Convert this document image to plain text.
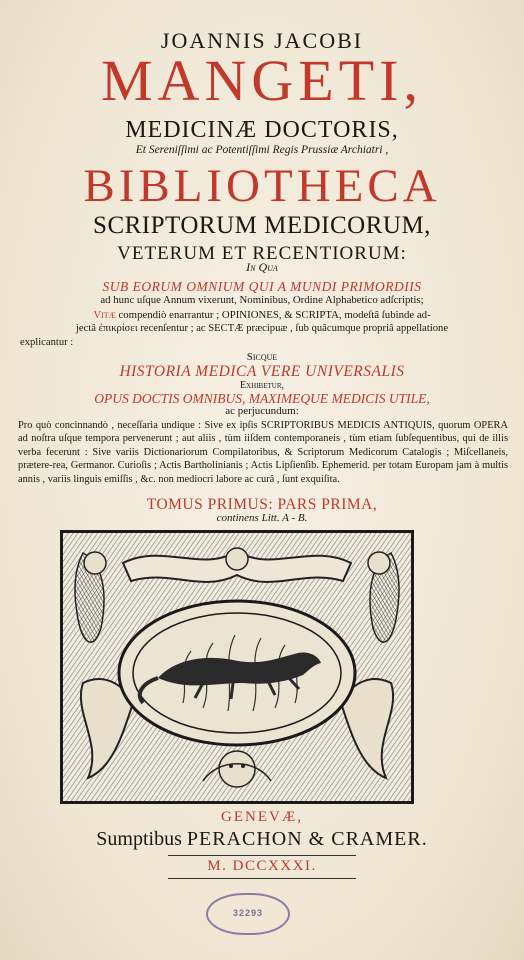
JOANNIS JACOBI
MANGETI,
MEDICINÆ DOCTORIS,
Et Sereniſſimi ac Potentiſſimi Regis Prussiæ Archiatri ,
BIBLIOTHECA
SCRIPTORUM MEDICORUM,
VETERUM ET RECENTIORUM:
In Qua
SUB EORUM OMNIUM QUI A MUNDI PRIMORDIIS
ad hunc uſque Annum vixerunt, Nominibus, Ordine Alphabetico adſcriptis;
Vitæ compendiò enarrantur ; OPINIONES, & SCRIPTA, modeſtâ ſubinde ad-
jectâ ἐπικρίσει recenſentur ; ac SECTÆ præcipuæ , ſub quâcumque propriâ appellatione
explicantur :
Sicque
HISTORIA MEDICA VERE UNIVERSALIS
Exhibetur,
OPUS DOCTIS OMNIBUS, MAXIMEQUE MEDICIS UTILE,
ac perjucundum:
Pro quò concinnandò , neceſſaria undique : Sive ex ipſis SCRIPTORIBUS MEDICIS ANTIQUIS, quorum OPERA ad noſtra uſque tempora pervenerunt ; aut aliis , tùm iiſdem contemporaneis , tùm etiam ſubſequentibus, qui de illis verba fecerunt : Sive variis Dictionariorum Compilatoribus, & Scriptorum Medicorum Catalogis ; Miſcellaneis, prætere-rea, Germanor. Curioſis ; Actis Bartholinianis ; Actis Lipſienſib. Ephemerid. per totam Europam jam à multis annis , variis linguis emiſſis , &c. non mediocri labore ac curâ , ſunt exquiſita.
TOMUS PRIMUS: PARS PRIMA,
continens Litt. A - B.
GENEVÆ,
Sumptibus PERACHON & CRAMER.
M. DCCXXXI.
32293
